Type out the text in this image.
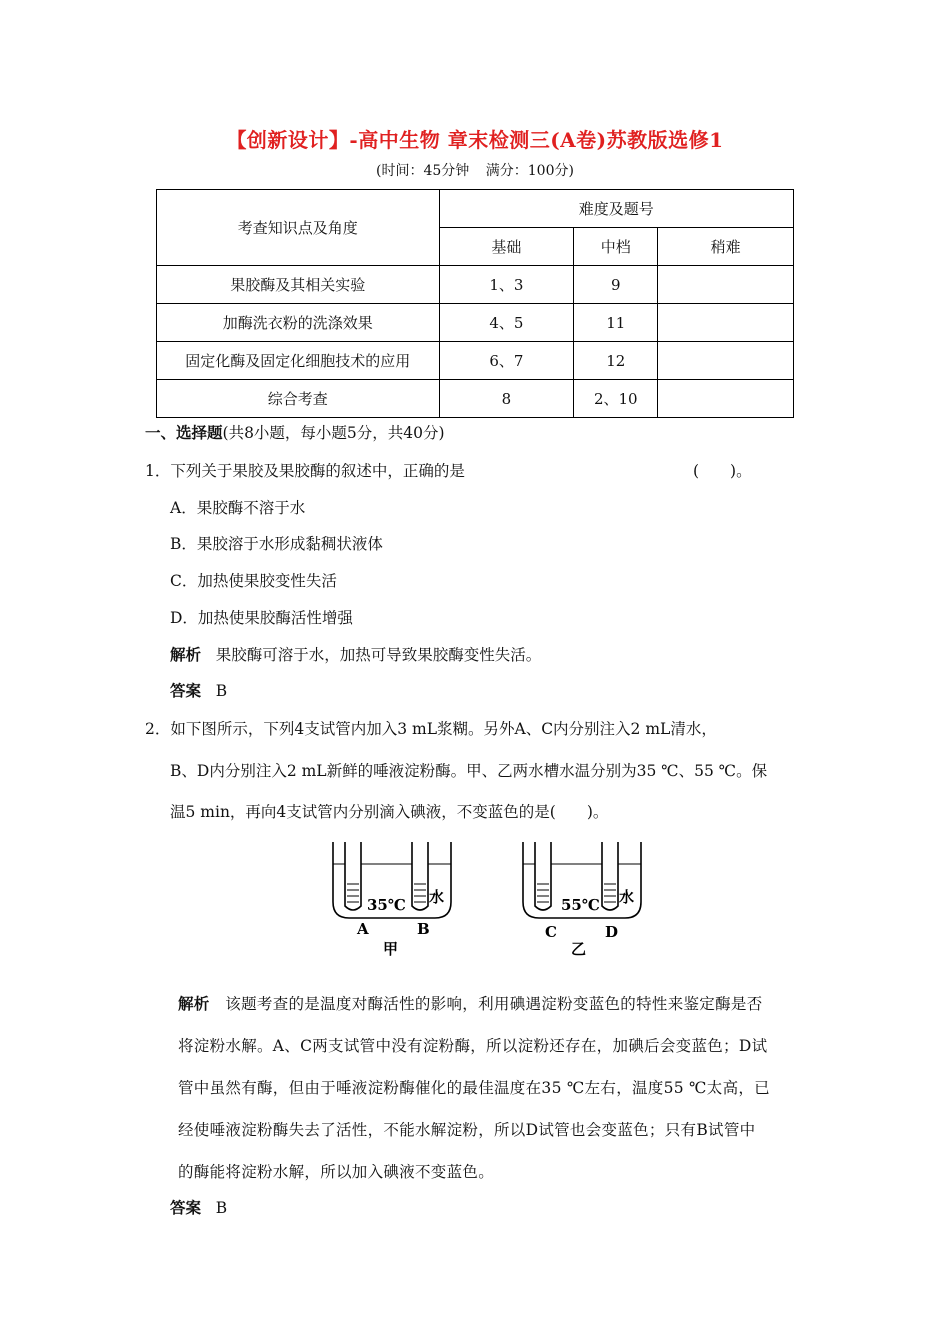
【创新设计】-高中生物 章末检测三(A卷)苏教版选修1
(时间：45分钟 满分：100分)
考查知识点及角度	难度及题号		
	基础	中档	稍难
果胶酶及其相关实验	1、3	9	
加酶洗衣粉的洗涤效果	4、5	11	
固定化酶及固定化细胞技术的应用	6、7	12	
综合考查	8	2、10	
一、选择题(共8小题，每小题5分，共40分)
1．下列关于果胶及果胶酶的叙述中，正确的是	(　　)。
A．果胶酶不溶于水
B．果胶溶于水形成黏稠状液体
C．加热使果胶变性失活
D．加热使果胶酶活性增强
解析 果胶酶可溶于水，加热可导致果胶酶变性失活。
答案 B
2．如下图所示，下列4支试管内加入3 mL浆糊。另外A、C内分别注入2 mL清水，
B、D内分别注入2 mL新鲜的唾液淀粉酶。甲、乙两水槽水温分别为35 ℃、55 ℃。保
温5 min，再向4支试管内分别滴入碘液，不变蓝色的是(　　)。
35℃ 水
A	B
甲
55℃ 水
C	D
乙

解析 该题考查的是温度对酶活性的影响，利用碘遇淀粉变蓝色的特性来鉴定酶是否

将淀粉水解。A、C两支试管中没有淀粉酶，所以淀粉还存在，加碘后会变蓝色；D试

管中虽然有酶，但由于唾液淀粉酶催化的最佳温度在35 ℃左右，温度55 ℃太高，已

经使唾液淀粉酶失去了活性，不能水解淀粉，所以D试管也会变蓝色；只有B试管中

的酶能将淀粉水解，所以加入碘液不变蓝色。

答案 B
